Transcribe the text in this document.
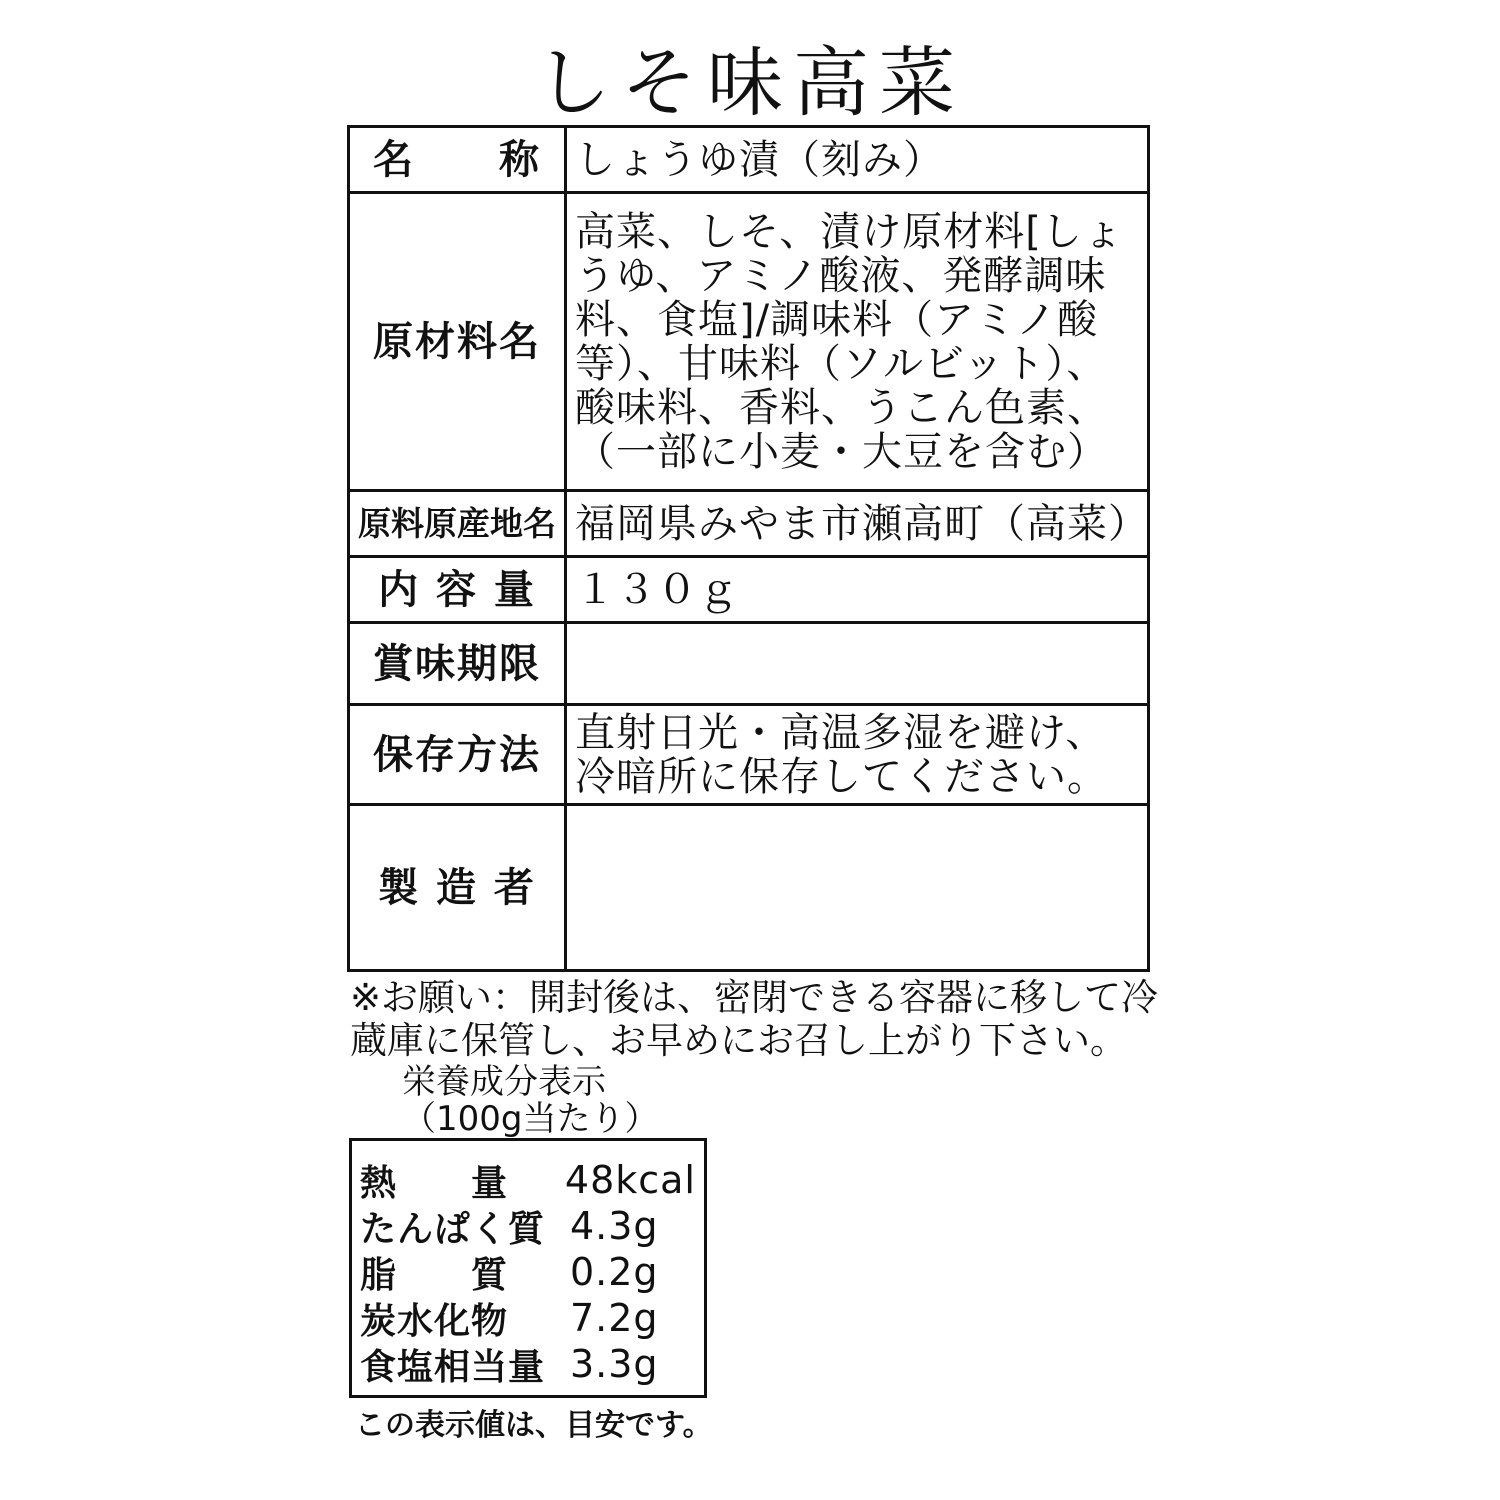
しそ味高菜
名　　称	しょうゆ漬（刻み）
原材料名	高菜、しそ、漬け原材料[しょうゆ、アミノ酸液、発酵調味料、食塩]/調味料（アミノ酸等）、甘味料（ソルビット）、酸味料、香料、うこん色素、（一部に小麦・大豆を含む）
原料原産地名	福岡県みやま市瀬高町（高菜）
内 容 量	１３０ｇ
賞味期限	
保存方法	直射日光・高温多湿を避け、冷暗所に保存してください。
製 造 者	
※お願い：開封後は、密閉できる容器に移して冷蔵庫に保管し、お早めにお召し上がり下さい。
栄養成分表示
（100g当たり）
熱　　量	48kcal
たんぱく質 4.3g
脂　　質	0.2g
炭水化物	7.2g
食塩相当量 3.3g
この表示値は、目安です。
